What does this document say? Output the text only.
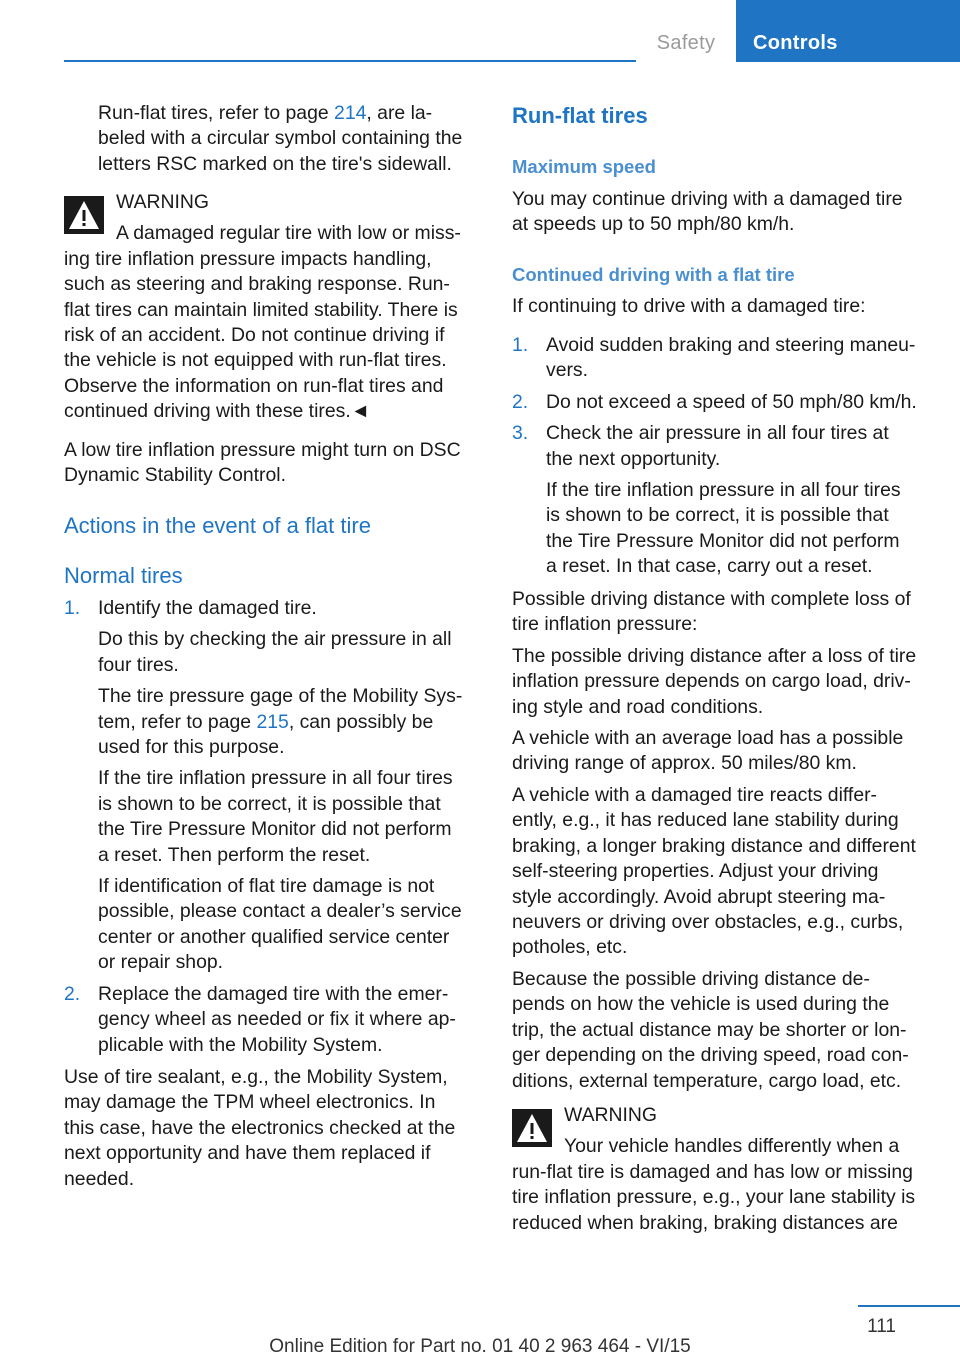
Safety	Controls
Run-flat tires, refer to page 214, are la-
beled with a circular symbol containing the
letters RSC marked on the tire's sidewall.
WARNING
A damaged regular tire with low or miss-
ing tire inflation pressure impacts handling,
such as steering and braking response. Run-
flat tires can maintain limited stability. There is
risk of an accident. Do not continue driving if
the vehicle is not equipped with run-flat tires.
Observe the information on run-flat tires and
continued driving with these tires.◄
A low tire inflation pressure might turn on DSC
Dynamic Stability Control.
Actions in the event of a flat tire
Normal tires
1. Identify the damaged tire.
Do this by checking the air pressure in all
four tires.
The tire pressure gage of the Mobility Sys-
tem, refer to page 215, can possibly be
used for this purpose.
If the tire inflation pressure in all four tires
is shown to be correct, it is possible that
the Tire Pressure Monitor did not perform
a reset. Then perform the reset.
If identification of flat tire damage is not
possible, please contact a dealer’s service
center or another qualified service center
or repair shop.
2. Replace the damaged tire with the emer-
gency wheel as needed or fix it where ap-
plicable with the Mobility System.
Use of tire sealant, e.g., the Mobility System,
may damage the TPM wheel electronics. In
this case, have the electronics checked at the
next opportunity and have them replaced if
needed.
Run-flat tires
Maximum speed
You may continue driving with a damaged tire
at speeds up to 50 mph/80 km/h.
Continued driving with a flat tire
If continuing to drive with a damaged tire:
1. Avoid sudden braking and steering maneu-
vers.
2. Do not exceed a speed of 50 mph/80 km/h.
3. Check the air pressure in all four tires at
the next opportunity.
If the tire inflation pressure in all four tires
is shown to be correct, it is possible that
the Tire Pressure Monitor did not perform
a reset. In that case, carry out a reset.
Possible driving distance with complete loss of
tire inflation pressure:
The possible driving distance after a loss of tire
inflation pressure depends on cargo load, driv-
ing style and road conditions.
A vehicle with an average load has a possible
driving range of approx. 50 miles/80 km.
A vehicle with a damaged tire reacts differ-
ently, e.g., it has reduced lane stability during
braking, a longer braking distance and different
self-steering properties. Adjust your driving
style accordingly. Avoid abrupt steering ma-
neuvers or driving over obstacles, e.g., curbs,
potholes, etc.
Because the possible driving distance de-
pends on how the vehicle is used during the
trip, the actual distance may be shorter or lon-
ger depending on the driving speed, road con-
ditions, external temperature, cargo load, etc.
WARNING
Your vehicle handles differently when a
run-flat tire is damaged and has low or missing
tire inflation pressure, e.g., your lane stability is
reduced when braking, braking distances are
111
Online Edition for Part no. 01 40 2 963 464 - VI/15
